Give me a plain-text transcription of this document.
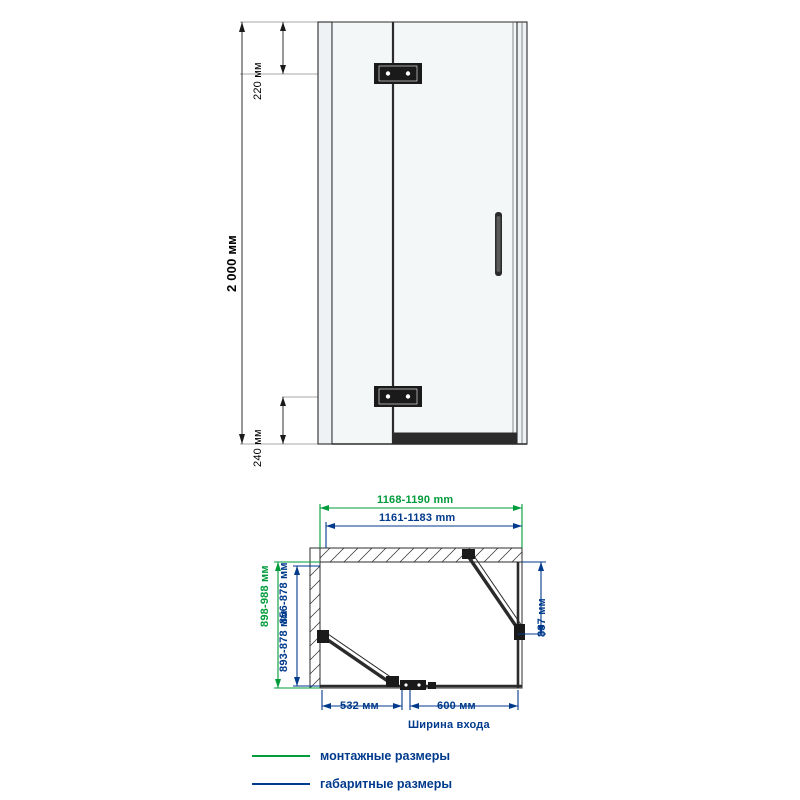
220 мм
2 000 мм
240 мм
1168-1190 mm
1161-1183 mm
898-988 мм
893-878 мм
856-878 мм	837 мм
532 мм	600 мм
Ширина входа
монтажные размеры
габаритные размеры
